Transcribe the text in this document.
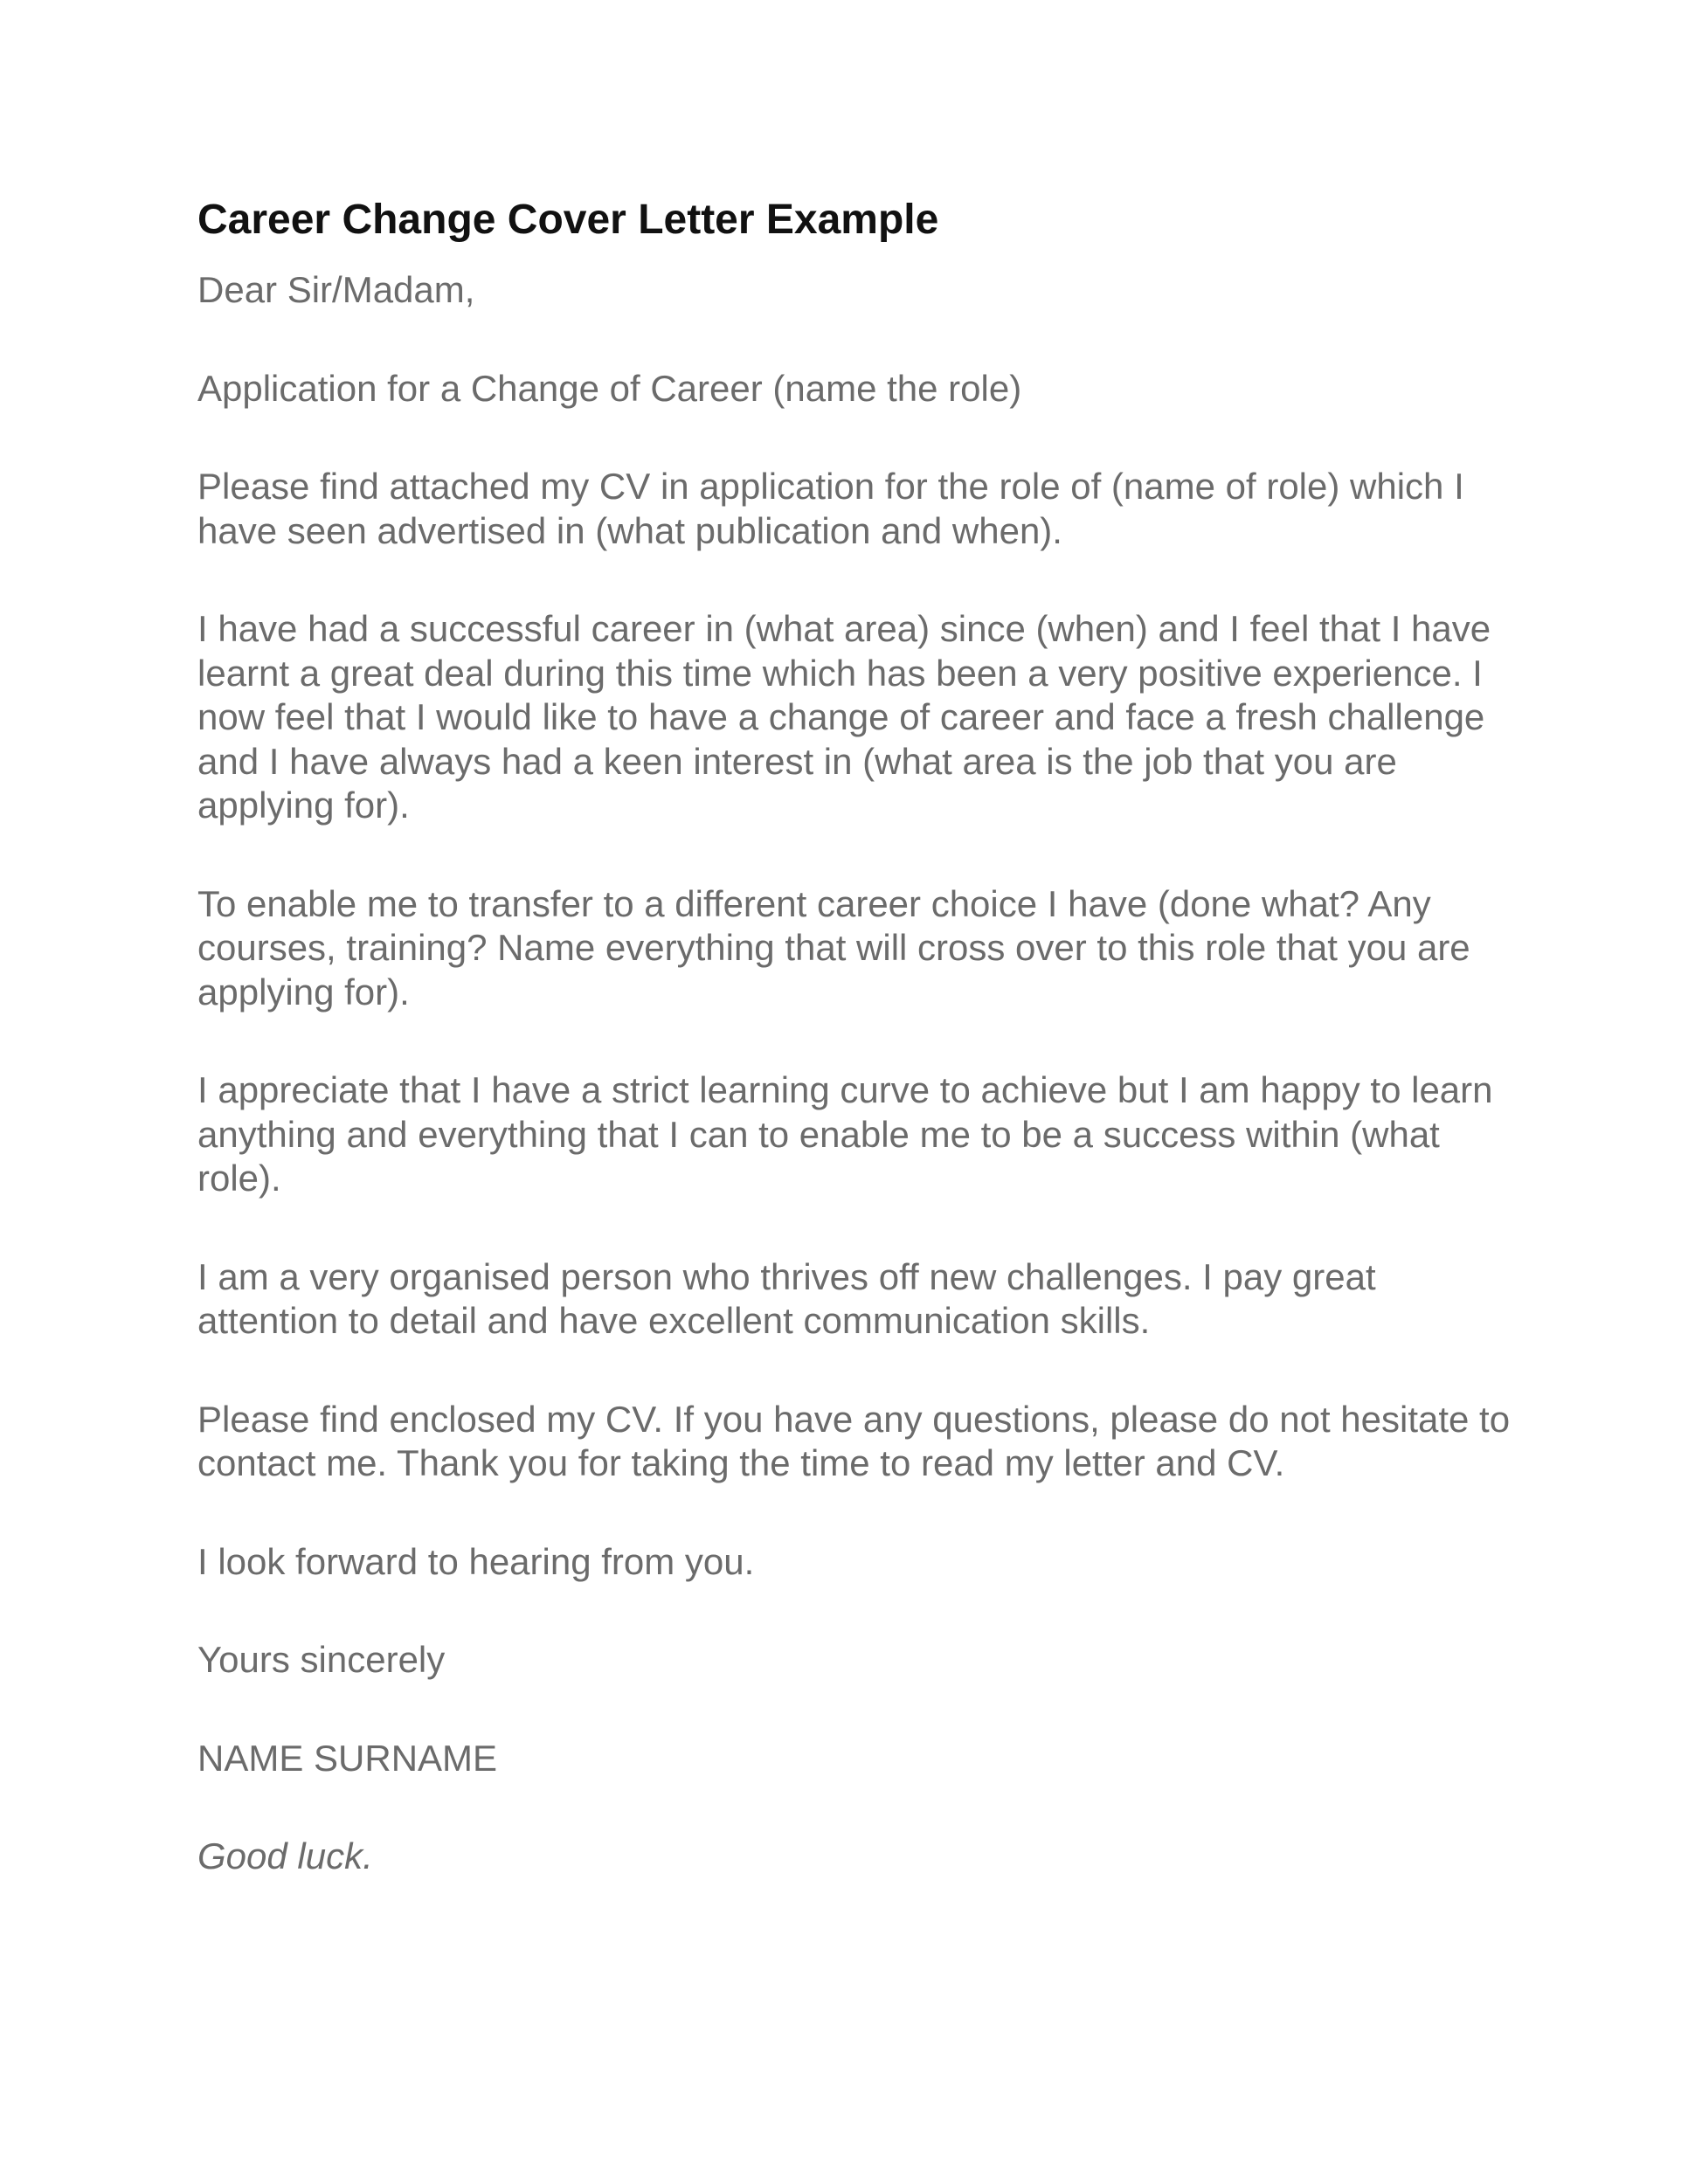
Career Change Cover Letter Example

Dear Sir/Madam,

Application for a Change of Career (name the role)

Please find attached my CV in application for the role of (name of role) which I have seen advertised in (what publication and when).

I have had a successful career in (what area) since (when) and I feel that I have learnt a great deal during this time which has been a very positive experience. I now feel that I would like to have a change of career and face a fresh challenge and I have always had a keen interest in (what area is the job that you are applying for).

To enable me to transfer to a different career choice I have (done what? Any courses, training? Name everything that will cross over to this role that you are applying for).

I appreciate that I have a strict learning curve to achieve but I am happy to learn anything and everything that I can to enable me to be a success within (what role).

I am a very organised person who thrives off new challenges. I pay great attention to detail and have excellent communication skills.

Please find enclosed my CV. If you have any questions, please do not hesitate to contact me. Thank you for taking the time to read my letter and CV.

I look forward to hearing from you.

Yours sincerely

NAME SURNAME

Good luck.
